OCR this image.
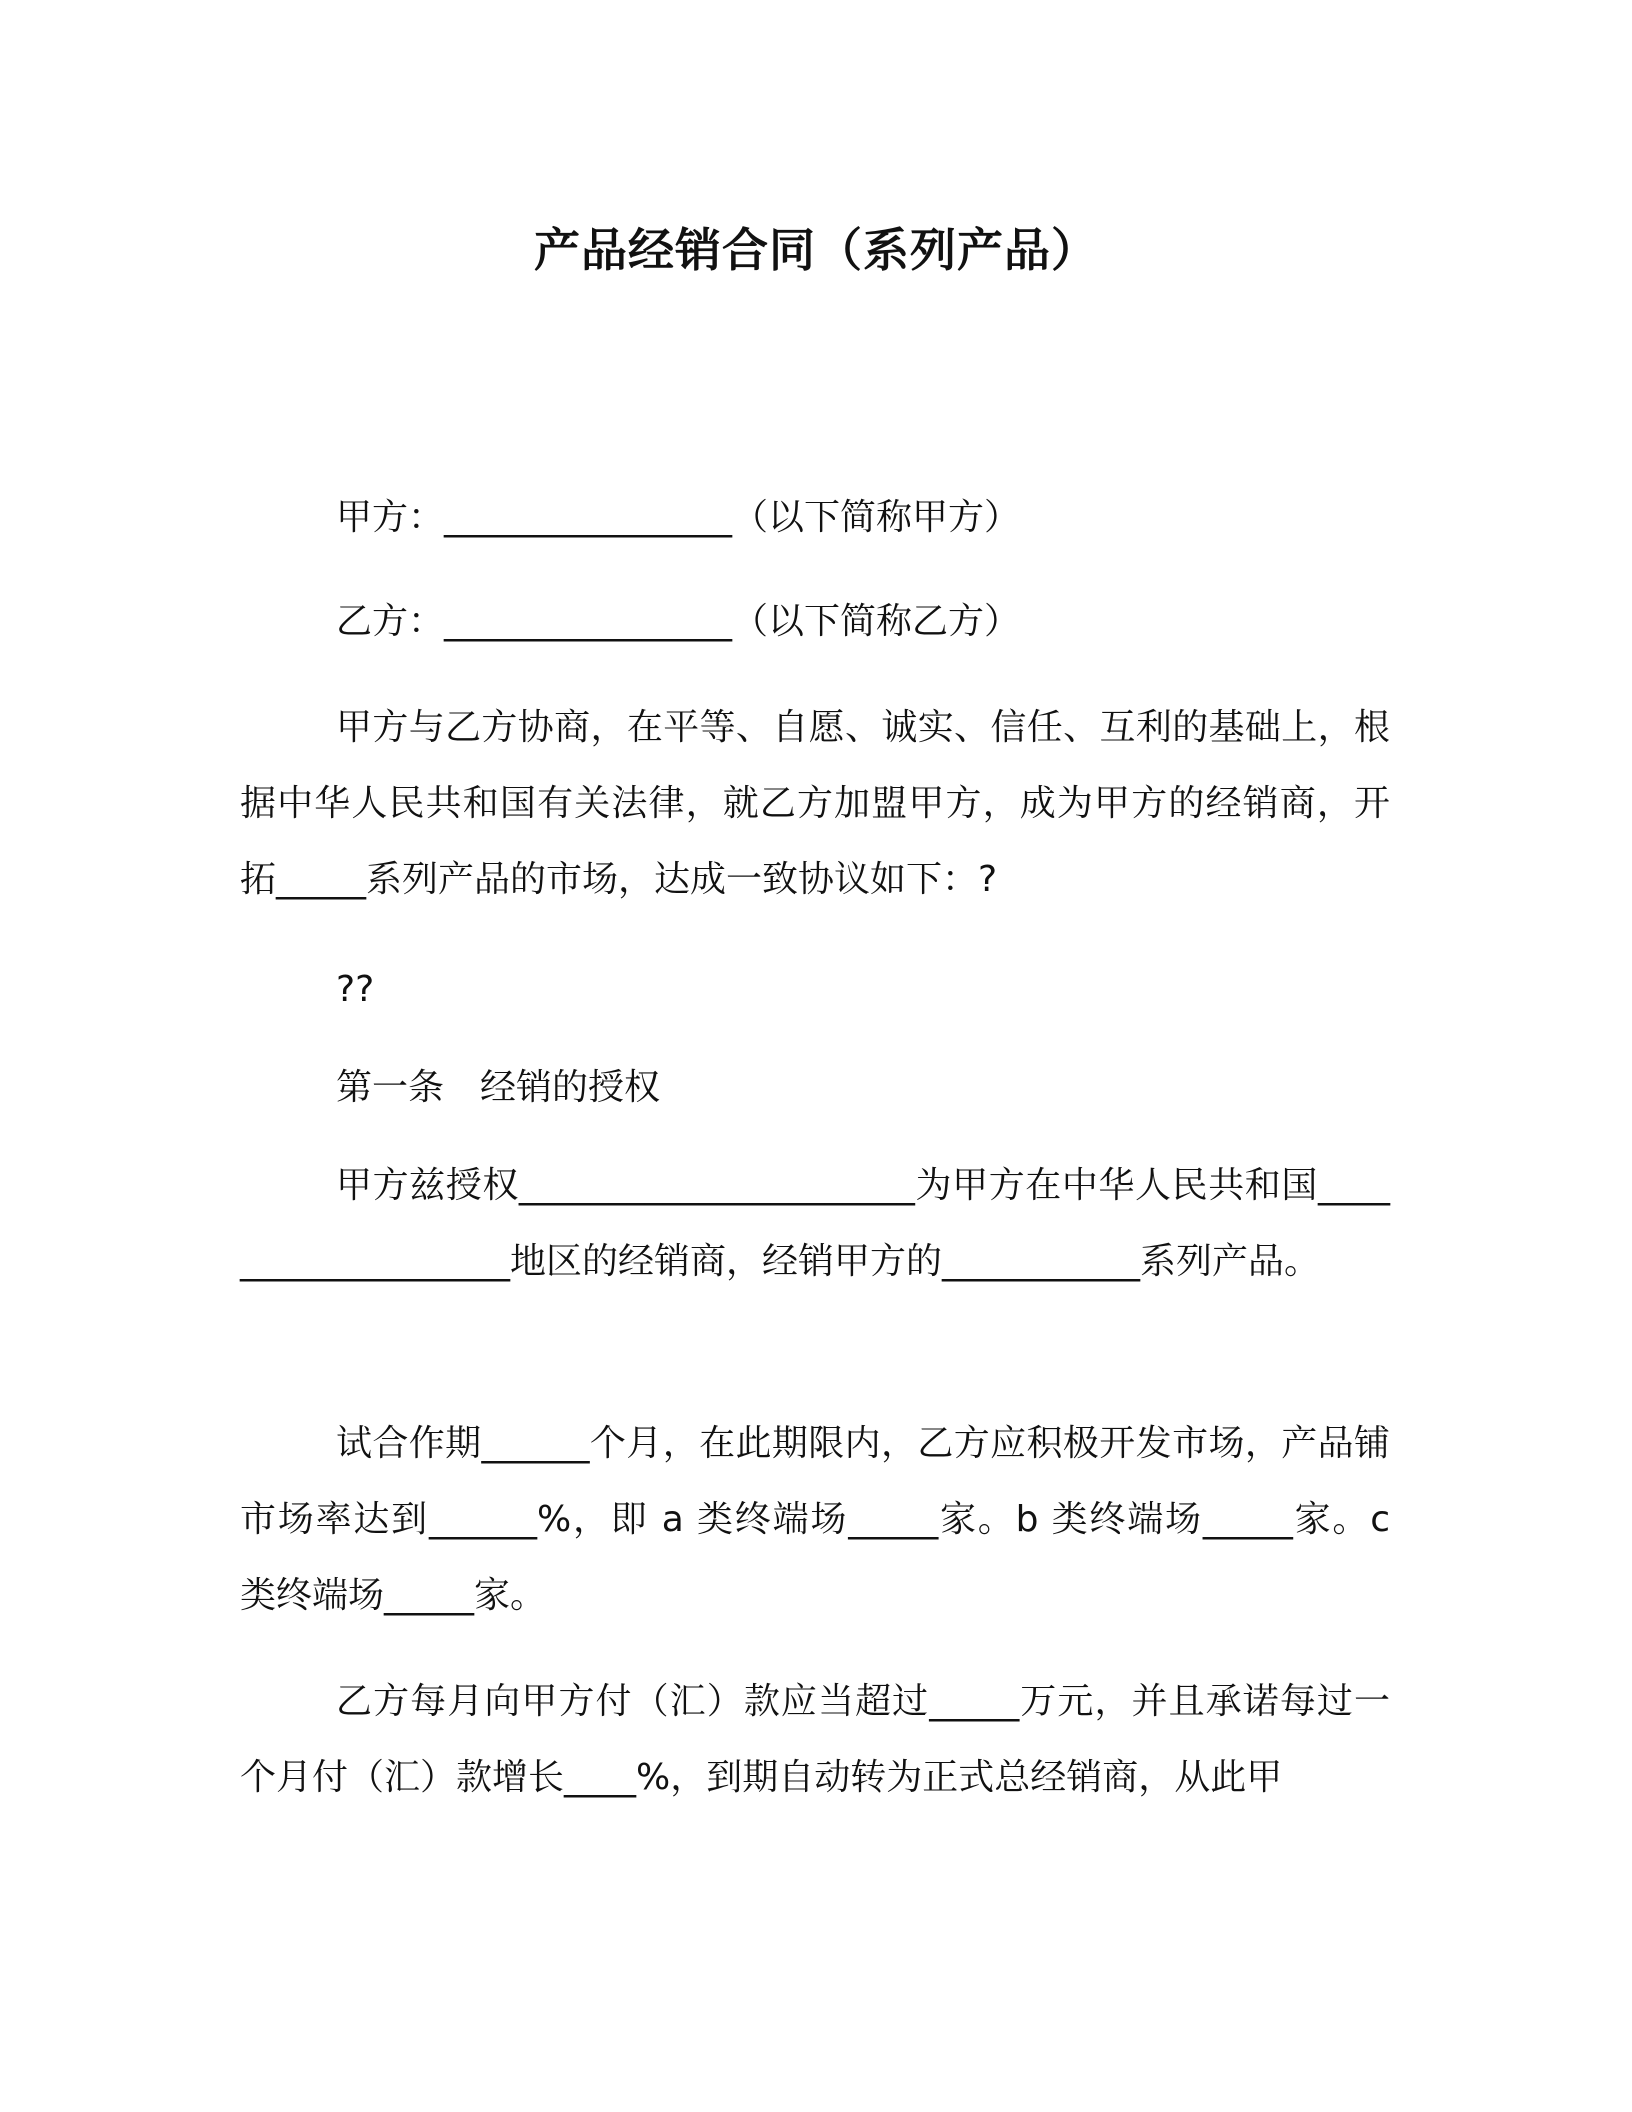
产品经销合同（系列产品）

甲方：________________（以下简称甲方）

乙方：________________（以下简称乙方）

甲方与乙方协商，在平等、自愿、诚实、信任、互利的基础上，根据中华人民共和国有关法律，就乙方加盟甲方，成为甲方的经销商，开拓_____系列产品的市场，达成一致协议如下：?

??

第一条　经销的授权

甲方兹授权______________________为甲方在中华人民共和国___________________地区的经销商，经销甲方的___________系列产品。

试合作期______个月，在此期限内，乙方应积极开发市场，产品铺市场率达到______%，即 a 类终端场_____家。b 类终端场_____家。c 类终端场_____家。

乙方每月向甲方付（汇）款应当超过_____万元，并且承诺每过一个月付（汇）款增长____%，到期自动转为正式总经销商，从此甲
